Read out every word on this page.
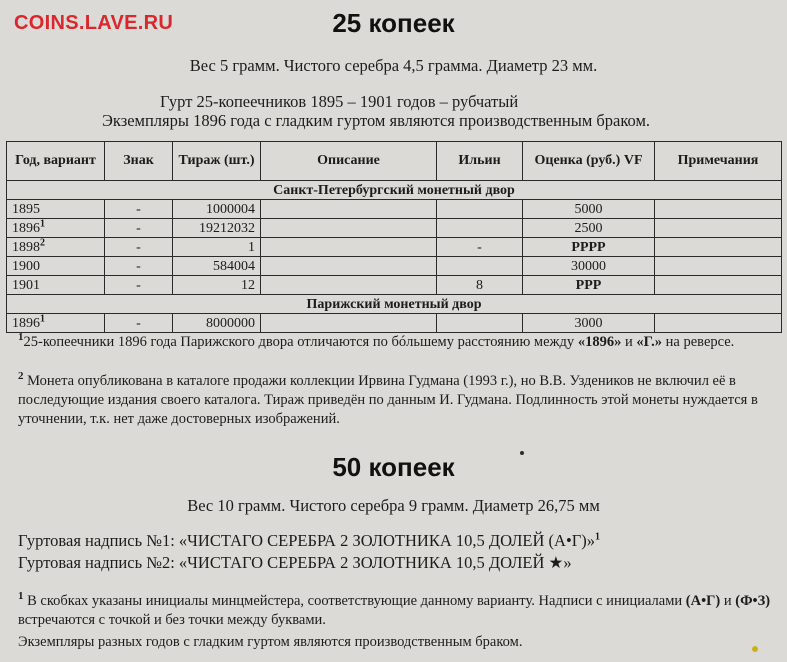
COINS.LAVE.RU	25 копеек
Вес 5 грамм. Чистого серебра 4,5 грамма. Диаметр 23 мм.
Гурт 25-копеечников 1895 – 1901 годов – рубчатый
Экземпляры 1896 года с гладким гуртом являются производственным браком.
Год, вариант	Знак	Тираж (шт.)	Описание	Ильин	Оценка (руб.) VF	Примечания
Санкт-Петербургский монетный двор						
1895	-	1000004			5000	
1896$^1$	-	19212032			2500	
1898$^2$	-	1		-	PPPP	
1900	-	584004			30000	
1901	-	12		8	PPP	
Парижский монетный двор						
1896$^1$	-	8000000			3000	
$^1$25-копеечники 1896 года Парижского двора отличаются по бóльшему расстоянию между «1896» и «Г.» на реверсе.
$^2$ Монета опубликована в каталоге продажи коллекции Ирвина Гудмана (1993 г.), но В.В. Уздеников не включил её в последующие издания своего каталога. Тираж приведён по данным И. Гудмана. Подлинность этой монеты нуждается в уточнении, т.к. нет даже достоверных изображений.
50 копеек
Вес 10 грамм. Чистого серебра 9 грамм. Диаметр 26,75 мм
Гуртовая надпись №1: «ЧИСТАГО СЕРЕБРА 2 ЗОЛОТНИКА 10,5 ДОЛЕЙ (А•Г)»$^1$
Гуртовая надпись №2: «ЧИСТАГО СЕРЕБРА 2 ЗОЛОТНИКА 10,5 ДОЛЕЙ ★»
$^1$ В скобках указаны инициалы минцмейстера, соответствующие данному варианту. Надписи с инициалами (А•Г) и (Ф•З) встречаются с точкой и без точки между буквами.
Экземпляры разных годов с гладким гуртом являются производственным браком.
